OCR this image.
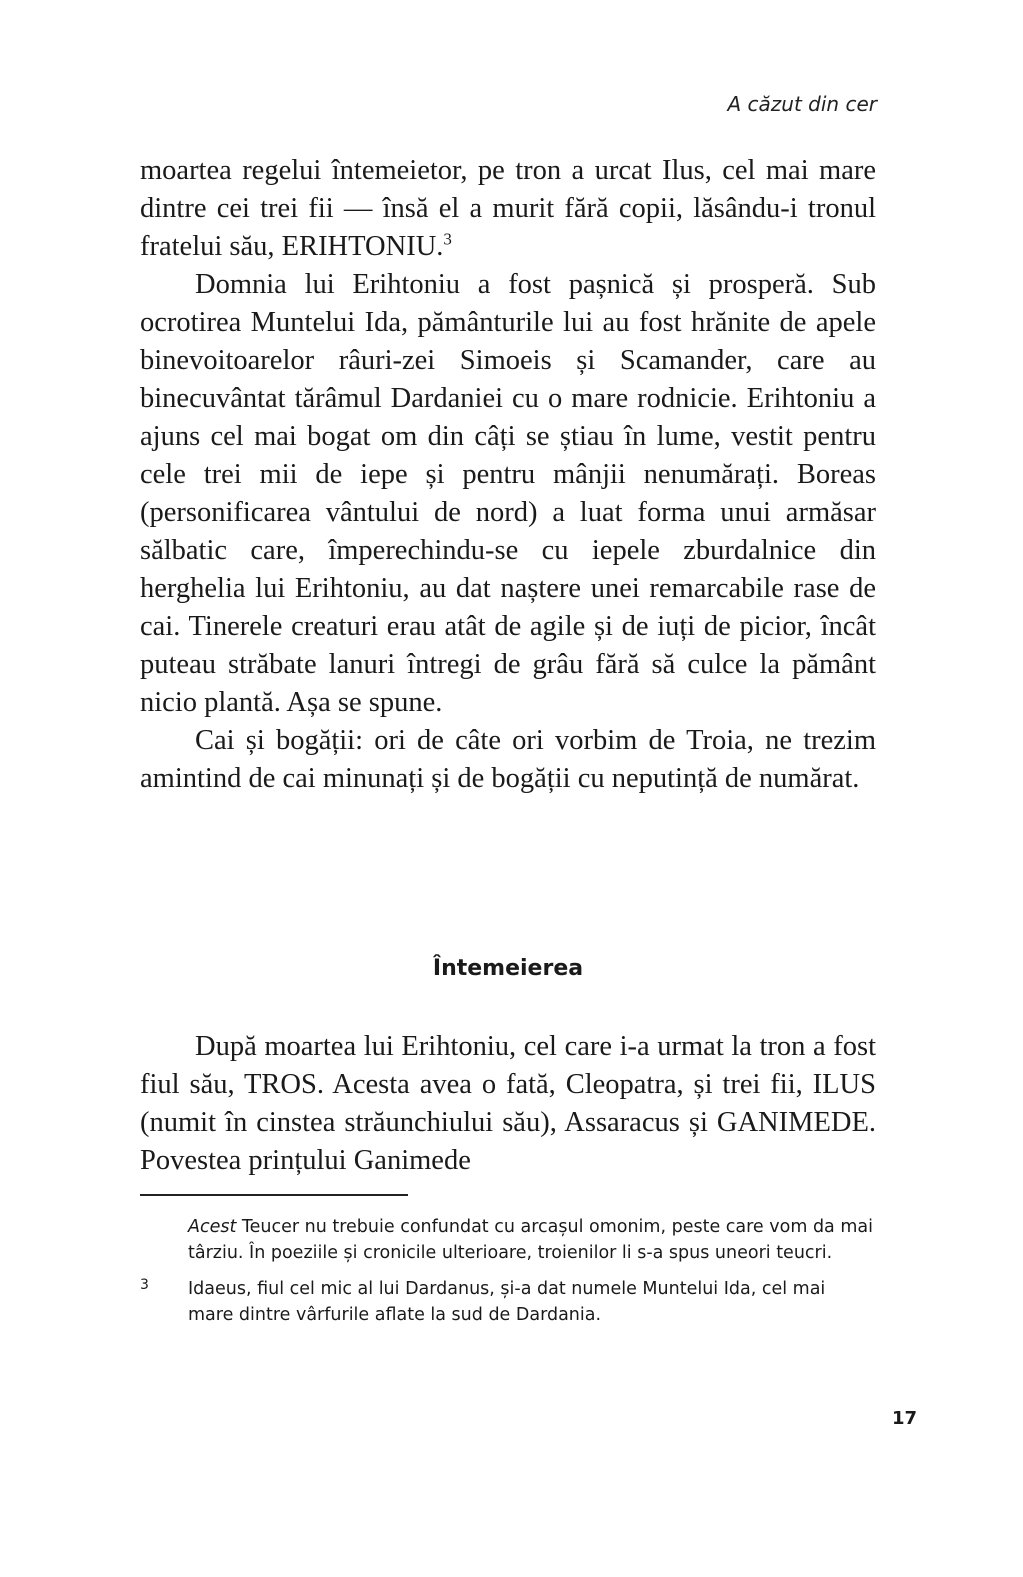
A căzut din cer

moartea regelui întemeietor, pe tron a urcat Ilus, cel mai mare dintre cei trei fii — însă el a murit fără copii, lăsându-i tronul fratelui său, ERIHTONIU.$^3$

Domnia lui Erihtoniu a fost pașnică și prosperă. Sub ocrotirea Muntelui Ida, pământurile lui au fost hrănite de apele binevoitoarelor râuri-zei Simoeis și Scamander, care au binecuvântat tărâmul Dardaniei cu o mare rodnicie. Erihtoniu a ajuns cel mai bogat om din câți se știau în lume, vestit pentru cele trei mii de iepe și pentru mânjii nenumărați. Boreas (personificarea vântului de nord) a luat forma unui armăsar sălbatic care, împerechindu-se cu iepele zburdalnice din herghelia lui Erihtoniu, au dat naștere unei remarcabile rase de cai. Tinerele creaturi erau atât de agile și de iuți de picior, încât puteau străbate lanuri întregi de grâu fără să culce la pământ nicio plantă. Așa se spune.

Cai și bogății: ori de câte ori vorbim de Troia, ne trezim amintind de cai minunați și de bogății cu neputință de numărat.

Întemeierea

După moartea lui Erihtoniu, cel care i-a urmat la tron a fost fiul său, TROS. Acesta avea o fată, Cleopatra, și trei fii, ILUS (numit în cinstea străunchiului său), Assaracus și GANIMEDE. Povestea prințului Ganimede

Acest Teucer nu trebuie confundat cu arcașul omonim, peste care vom da mai târziu. În poeziile și cronicile ulterioare, troienilor li s-a spus uneori teucri.
3 Idaeus, fiul cel mic al lui Dardanus, și-a dat numele Muntelui Ida, cel mai mare dintre vârfurile aflate la sud de Dardania.
17
